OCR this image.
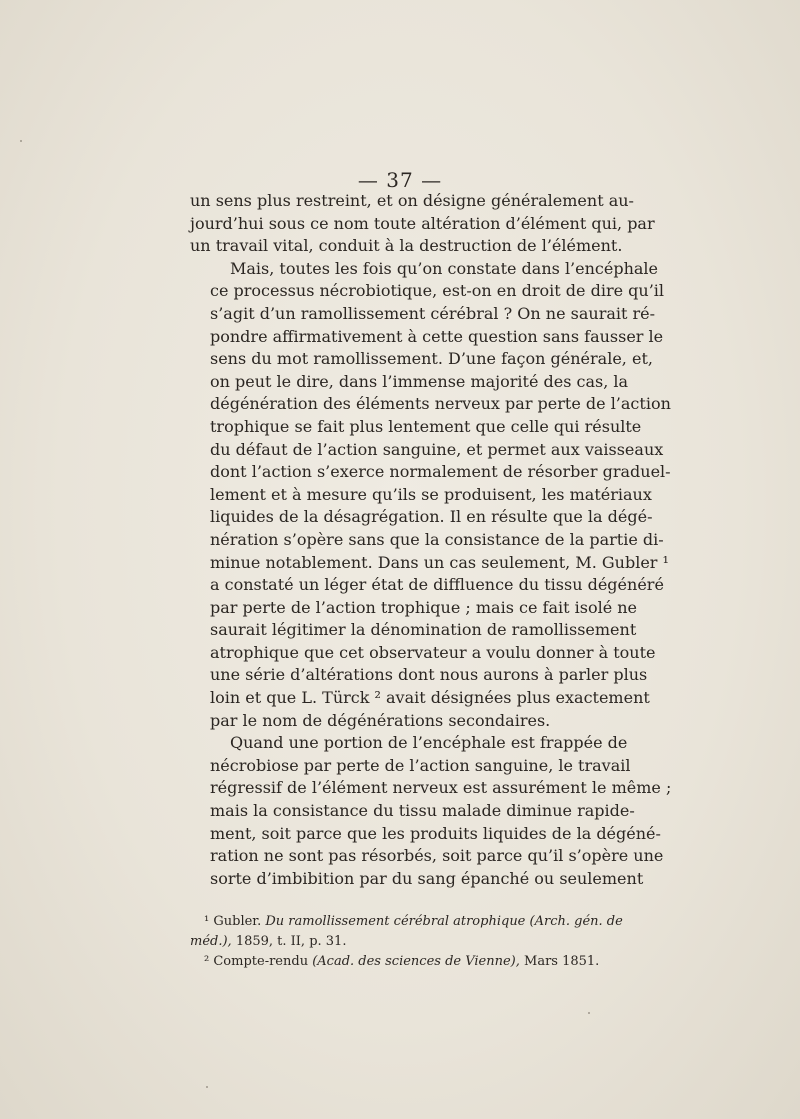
— 37 —

un sens plus restreint, et on désigne généralement au-
jourd’hui sous ce nom toute altération d’élément qui, par
un travail vital, conduit à la destruction de l’élément.

Mais, toutes les fois qu’on constate dans l’encéphale
ce processus nécrobiotique, est-on en droit de dire qu’il
s’agit d’un ramollissement cérébral ? On ne saurait ré-
pondre affirmativement à cette question sans fausser le
sens du mot ramollissement. D’une façon générale, et,
on peut le dire, dans l’immense majorité des cas, la
dégénération des éléments nerveux par perte de l’action
trophique se fait plus lentement que celle qui résulte
du défaut de l’action sanguine, et permet aux vaisseaux
dont l’action s’exerce normalement de résorber graduel-
lement et à mesure qu’ils se produisent, les matériaux
liquides de la désagrégation. Il en résulte que la dégé-
nération s’opère sans que la consistance de la partie di-
minue notablement. Dans un cas seulement, M. Gubler ¹
a constaté un léger état de diffluence du tissu dégénéré
par perte de l’action trophique ; mais ce fait isolé ne
saurait légitimer la dénomination de ramollissement
atrophique que cet observateur a voulu donner à toute
une série d’altérations dont nous aurons à parler plus
loin et que L. Türck ² avait désignées plus exactement
par le nom de dégénérations secondaires.

Quand une portion de l’encéphale est frappée de
nécrobiose par perte de l’action sanguine, le travail
régressif de l’élément nerveux est assurément le même ;
mais la consistance du tissu malade diminue rapide-
ment, soit parce que les produits liquides de la dégéné-
ration ne sont pas résorbés, soit parce qu’il s’opère une
sorte d’imbibition par du sang épanché ou seulement

¹ Gubler. Du ramollissement cérébral atrophique (Arch. gén. de
méd.), 1859, t. II, p. 31.
² Compte-rendu (Acad. des sciences de Vienne), Mars 1851.
